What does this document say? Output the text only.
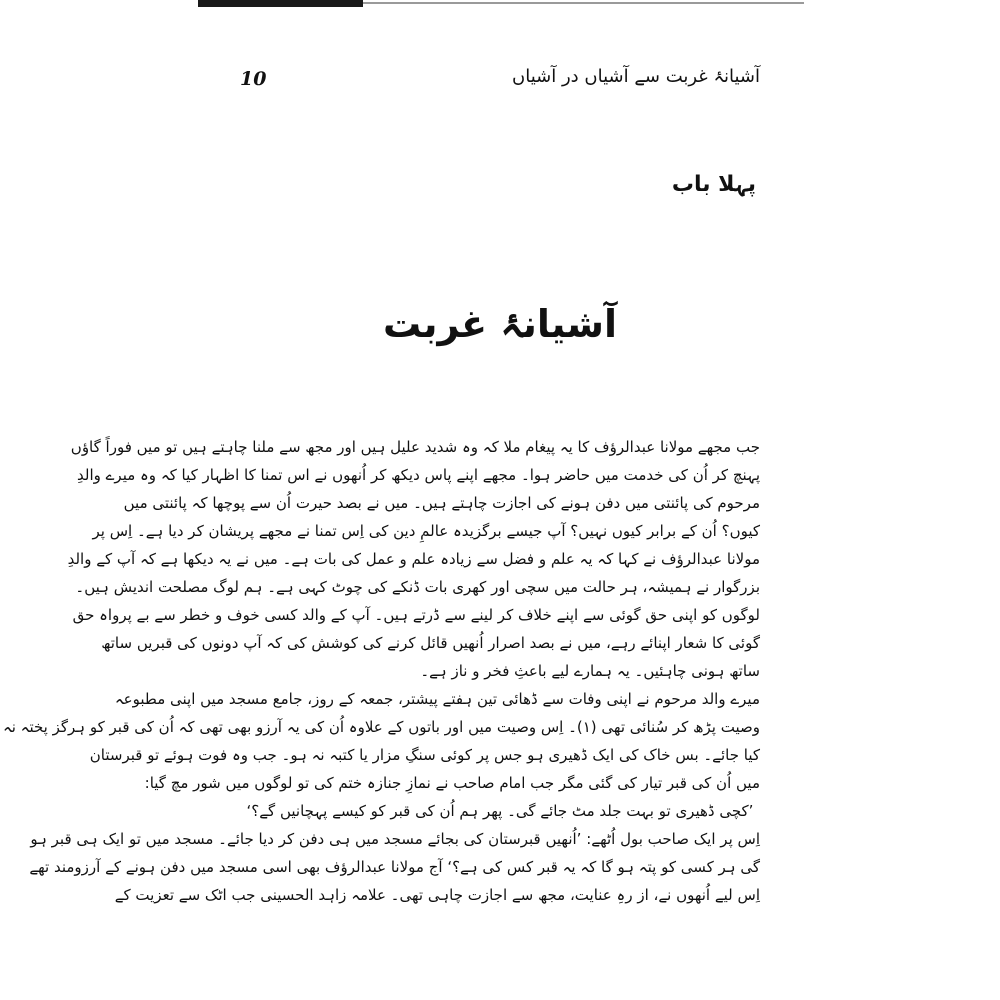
10	آشیانۂ غربت سے آشیاں در آشیاں
پہلا باب
آشیانۂ غربت
جب مجھے مولانا عبدالرؤف کا یہ پیغام ملا کہ وہ شدید علیل ہیں اور مجھ سے ملنا چاہتے ہیں تو میں فوراً گاؤں
پہنچ کر اُن کی خدمت میں حاضر ہوا۔ مجھے اپنے پاس دیکھ کر اُنھوں نے اس تمنا کا اظہار کیا کہ وہ میرے والدِ
مرحوم کی پائنتی میں دفن ہونے کی اجازت چاہتے ہیں۔ میں نے بصد حیرت اُن سے پوچھا کہ پائنتی میں
کیوں؟ اُن کے برابر کیوں نہیں؟ آپ جیسے برگزیدہ عالمِ دین کی اِس تمنا نے مجھے پریشان کر دیا ہے۔ اِس پر
مولانا عبدالرؤف نے کہا کہ یہ علم و فضل سے زیادہ علم و عمل کی بات ہے۔ میں نے یہ دیکھا ہے کہ آپ کے والدِ
بزرگوار نے ہمیشہ، ہر حالت میں سچی اور کھری بات ڈنکے کی چوٹ کہی ہے۔ ہم لوگ مصلحت اندیش ہیں۔
لوگوں کو اپنی حق گوئی سے اپنے خلاف کر لینے سے ڈرتے ہیں۔ آپ کے والد کسی خوف و خطر سے بے پرواہ حق
گوئی کا شعار اپنائے رہے، میں نے بصد اصرار اُنھیں قائل کرنے کی کوشش کی کہ آپ دونوں کی قبریں ساتھ
ساتھ ہونی چاہئیں۔ یہ ہمارے لیے باعثِ فخر و ناز ہے۔
میرے والد مرحوم نے اپنی وفات سے ڈھائی تین ہفتے پیشتر، جمعہ کے روز، جامع مسجد میں اپنی مطبوعہ
وصیت پڑھ کر سُنائی تھی (۱)۔ اِس وصیت میں اور باتوں کے علاوہ اُن کی یہ آرزو بھی تھی کہ اُن کی قبر کو ہرگز پختہ نہ
کیا جائے۔ بس خاک کی ایک ڈھیری ہو جس پر کوئی سنگِ مزار یا کتبہ نہ ہو۔ جب وہ فوت ہوئے تو قبرستان
میں اُن کی قبر تیار کی گئی مگر جب امام صاحب نے نمازِ جنازہ ختم کی تو لوگوں میں شور مچ گیا:
’کچی ڈھیری تو بہت جلد مٹ جائے گی۔ پھر ہم اُن کی قبر کو کیسے پہچانیں گے؟‘
اِس پر ایک صاحب بول اُٹھے: ’اُنھیں قبرستان کی بجائے مسجد میں ہی دفن کر دیا جائے۔ مسجد میں تو ایک ہی قبر ہو
گی ہر کسی کو پتہ ہو گا کہ یہ قبر کس کی ہے؟‘ آج مولانا عبدالرؤف بھی اسی مسجد میں دفن ہونے کے آرزومند تھے
اِس لیے اُنھوں نے، از رہِ عنایت، مجھ سے اجازت چاہی تھی۔ علامہ زاہد الحسینی جب اٹک سے تعزیت کے
